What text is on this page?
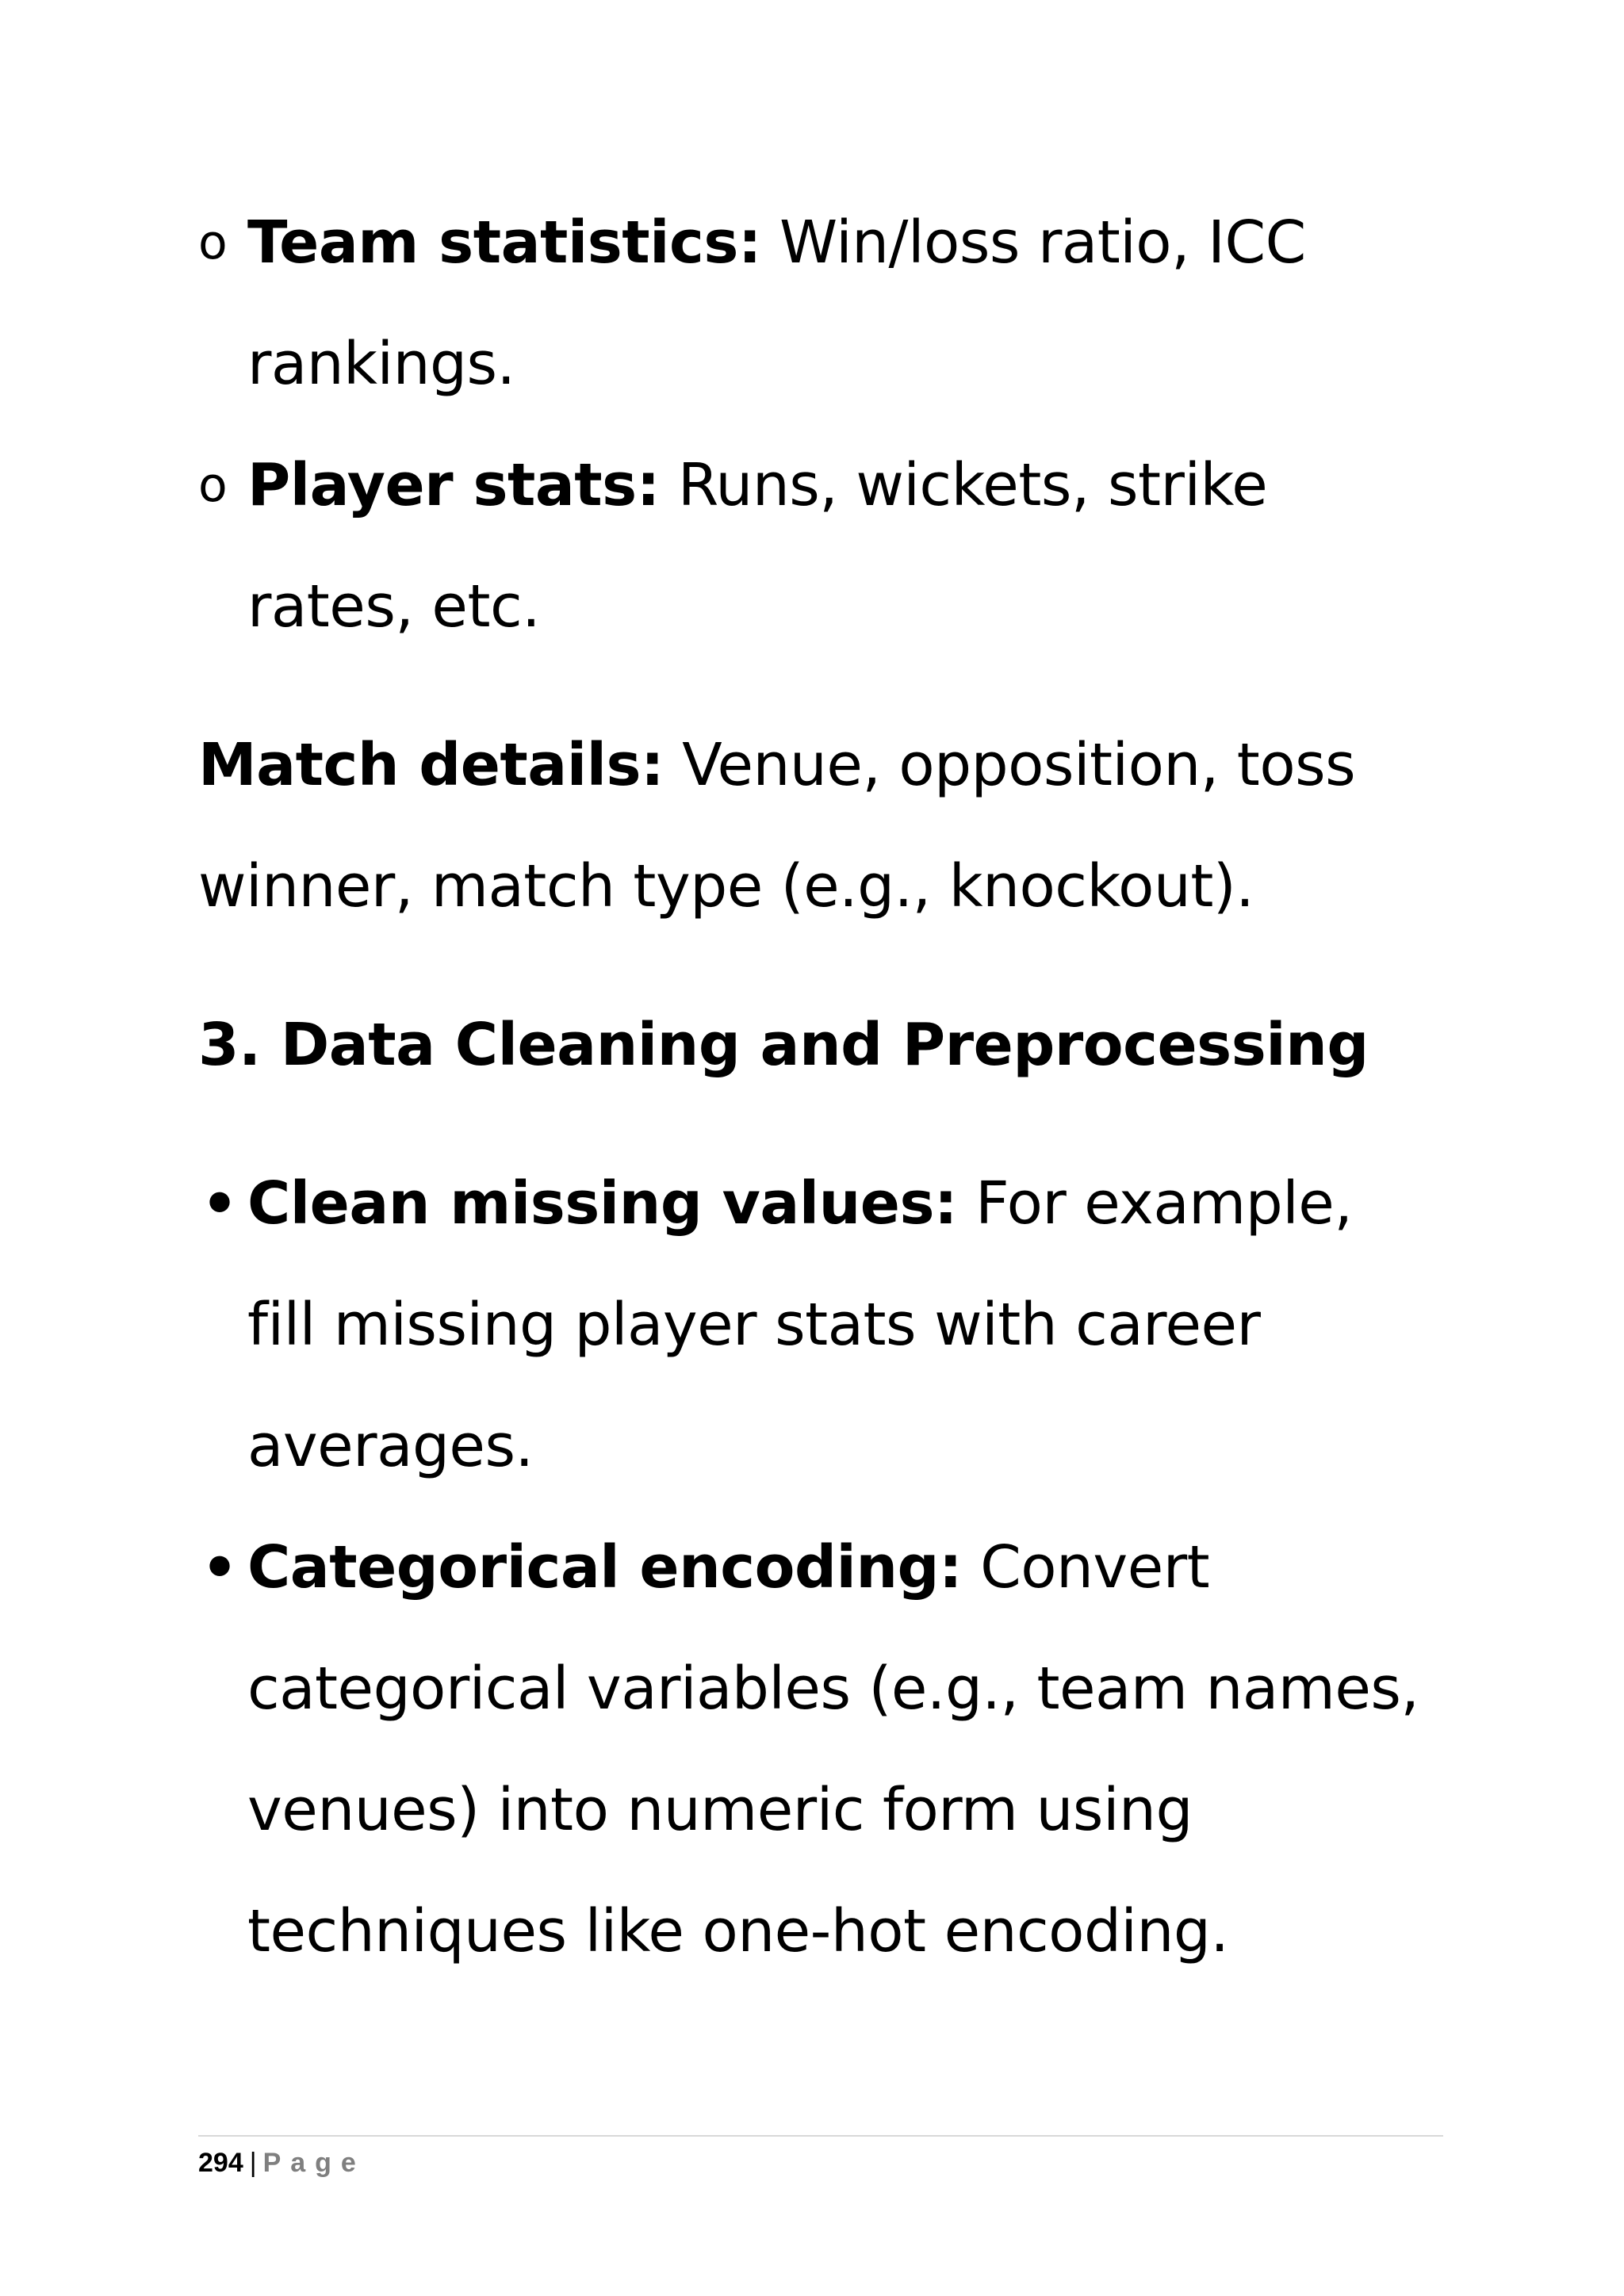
o Team statistics: Win/loss ratio, ICC rankings.
o Player stats: Runs, wickets, strike rates, etc.
Match details: Venue, opposition, toss winner, match type (e.g., knockout).
3. Data Cleaning and Preprocessing
• Clean missing values: For example, fill missing player stats with career averages.
• Categorical encoding: Convert categorical variables (e.g., team names, venues) into numeric form using techniques like one-hot encoding.
294 | Page
